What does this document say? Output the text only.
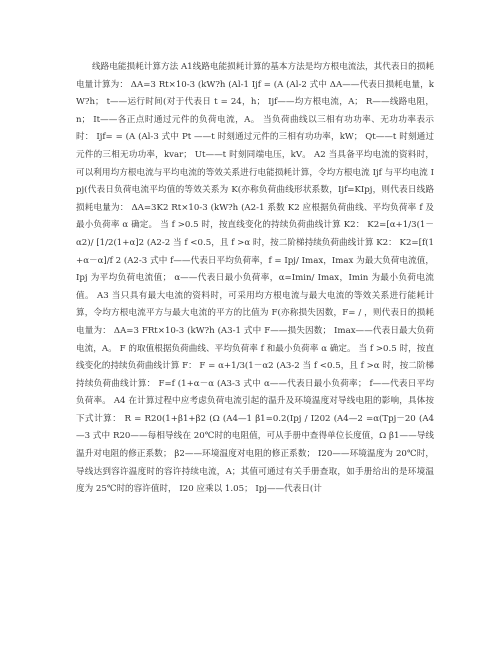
线路电能损耗计算方法 A1线路电能损耗计算的基本方法是均方根电流法，其代表日的损耗电量计算为： ΔA=3 Rt×10-3 (kW?h (Al-1 Ijf = (A (Al-2 式中 ΔA——代表日损耗电量，kW?h； t——运行时间(对于代表日 t = 24，h； Ijf——均方根电流，A； R——线路电阻，n； It——各正点时通过元件的负荷电流，A。 当负荷曲线以三相有功功率、无功功率表示时： Ijf= = (A (Al-3 式中 Pt ——t 时刻通过元件的三相有功功率，kW； Qt——t 时刻通过元件的三相无功功率，kvar； Ut——t 时刻同端电压，kV。 A2 当具备平均电流的资料时，可以利用均方根电流与平均电流的等效关系进行电能损耗计算，令均方根电流 Ijf 与平均电流 Ipj(代表日负荷电流平均值的等效关系为 K(亦称负荷曲线形状系数，Ijf=KIpj，则代表日线路损耗电量为： ΔA=3K2 Rt×10-3 (kW?h (A2-1 系数 K2 应根据负荷曲线、平均负荷率 f 及最小负荷率 α 确定。 当 f >0.5 时，按直线变化的持续负荷曲线计算 K2： K2=[α+1/3(1－α2)/ [1/2(1+α]2 (A2-2 当 f <0.5，且 f >α 时，按二阶梯持续负荷曲线计算 K2： K2=[f(1+α－α]/f 2 (A2-3 式中 f——代表日平均负荷率，f = Ipj/ Imax，Imax 为最大负荷电流值，Ipj 为平均负荷电流值； α——代表日最小负荷率，α=Imin/ Imax，Imin 为最小负荷电流值。 A3 当只具有最大电流的资料时，可采用均方根电流与最大电流的等效关系进行能耗计算，令均方根电流平方与最大电流的平方的比值为 F(亦称损失因数，F= / ，则代表日的损耗电量为： ΔA=3 FRt×10-3 (kW?h (A3-1 式中 F——损失因数； Imax——代表日最大负荷电流，A。 F 的取值根据负荷曲线、平均负荷率 f 和最小负荷率 α 确定。 当 f >0.5 时，按直线变化的持续负荷曲线计算 F： F = α+1/3(1－α2 (A3-2 当 f <0.5，且 f >α 时，按二阶梯持续负荷曲线计算： F=f (1+α－α (A3-3 式中 α——代表日最小负荷率； f——代表日平均负荷率。 A4 在计算过程中应考虑负荷电流引起的温升及环境温度对导线电阻的影响，具体按下式计算： R = R20(1+β1+β2 (Ω (A4—1 β1=0.2(Ipj / I202 (A4—2 =α(Tpj－20 (A4—3 式中 R20——每相导线在 20℃时的电阻值，可从手册中查得单位长度值，Ω β1——导线温升对电阻的修正系数； β2——环境温度对电阻的修正系数； I20——环境温度为 20℃时，导线达到容许温度时的容许持续电流，A；其值可通过有关手册查取，如手册给出的是环境温度为 25℃时的容许值时， I20 应乘以 1.05； Ipj——代表日(计
